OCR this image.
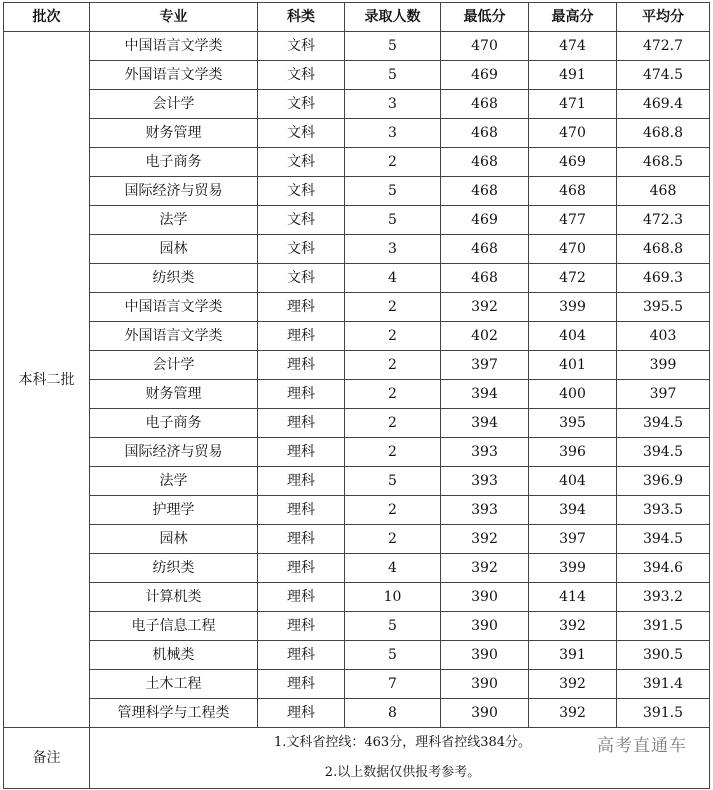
批次	专业	科类	录取人数	最低分	最高分	平均分
本科二批	中国语言文学类	文科	5	470	474	472.7
	外国语言文学类	文科	5	469	491	474.5
	会计学	文科	3	468	471	469.4
	财务管理	文科	3	468	470	468.8
	电子商务	文科	2	468	469	468.5
	国际经济与贸易	文科	5	468	468	468
	法学	文科	5	469	477	472.3
	园林	文科	3	468	470	468.8
	纺织类	文科	4	468	472	469.3
	中国语言文学类	理科	2	392	399	395.5
	外国语言文学类	理科	2	402	404	403
	会计学	理科	2	397	401	399
	财务管理	理科	2	394	400	397
	电子商务	理科	2	394	395	394.5
	国际经济与贸易	理科	2	393	396	394.5
	法学	理科	5	393	404	396.9
	护理学	理科	2	393	394	393.5
	园林	理科	2	392	397	394.5
	纺织类	理科	4	392	399	394.6
	计算机类	理科	10	390	414	393.2
	电子信息工程	理科	5	390	392	391.5
	机械类	理科	5	390	391	390.5
	土木工程	理科	7	390	392	391.4
	管理科学与工程类	理科	8	390	392	391.5
备注	1.文科省控线：463分，理科省控线384分。
2.以上数据仅供报考参考。
高考直通车					
